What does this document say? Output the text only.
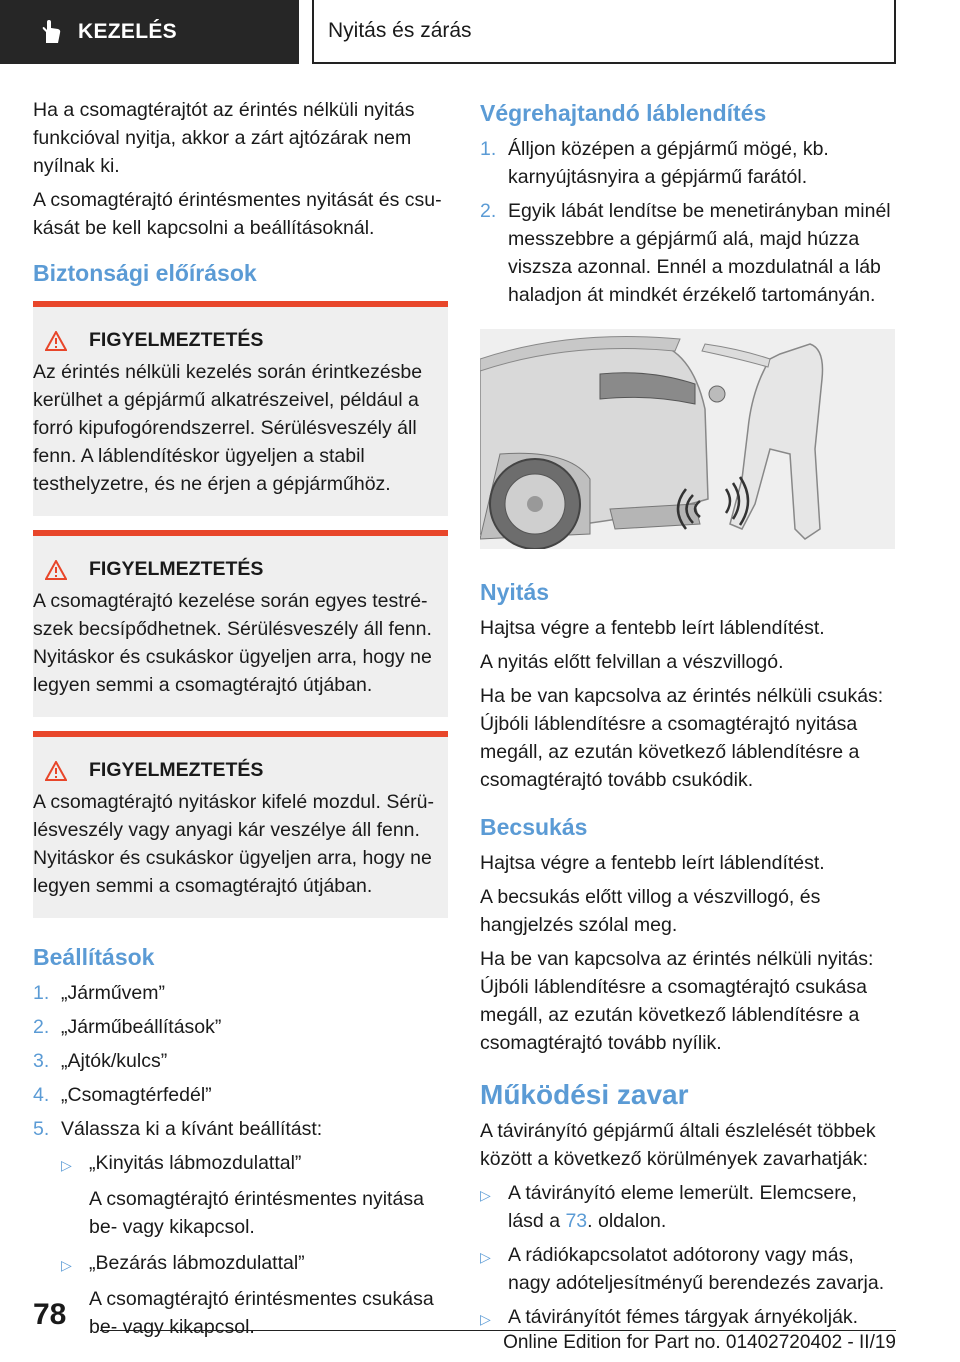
KEZELÉS	Nyitás és zárás

Ha a csomagtérajtót az érintés nélküli nyitás funkcióval nyitja, akkor a zárt ajtózárak nem nyílnak ki.

A csomagtérajtó érintésmentes nyitását és csukását be kell kapcsolni a beállításoknál.

Biztonsági előírások
FIGYELMEZTETÉS
Az érintés nélküli kezelés során érintkezésbe kerülhet a gépjármű alkatrészeivel, például a forró kipufogórendszerrel. Sérülésveszély áll fenn. A láblendítéskor ügyeljen a stabil testhelyzetre, és ne érjen a gépjárműhöz.
FIGYELMEZTETÉS
A csomagtérajtó kezelése során egyes testrészek becsípődhetnek. Sérülésveszély áll fenn. Nyitáskor és csukáskor ügyeljen arra, hogy ne legyen semmi a csomagtérajtó útjában.
FIGYELMEZTETÉS
A csomagtérajtó nyitáskor kifelé mozdul. Sérülésveszély vagy anyagi kár veszélye áll fenn. Nyitáskor és csukáskor ügyeljen arra, hogy ne legyen semmi a csomagtérajtó útjában.
Beállítások
1. „Járművem”
2. „Járműbeállítások”
3. „Ajtók/kulcs”
4. „Csomagtérfedél”
5. Válassza ki a kívánt beállítást:
▷ „Kinyitás lábmozdulattal”
A csomagtérajtó érintésmentes nyitása be- vagy kikapcsol.
▷ „Bezárás lábmozdulattal”
A csomagtérajtó érintésmentes csukása be- vagy kikapcsol.
Végrehajtandó láblendítés
1. Álljon középen a gépjármű mögé, kb. karnyújtásnyira a gépjármű farától.
2. Egyik lábát lendítse be menetirányban minél messzebbre a gépjármű alá, majd húzza viszsza azonnal. Ennél a mozdulatnál a láb haladjon át mindkét érzékelő tartományán.
Nyitás

Hajtsa végre a fentebb leírt láblendítést.

A nyitás előtt felvillan a vészvillogó.

Ha be van kapcsolva az érintés nélküli csukás: Újbóli láblendítésre a csomagtérajtó nyitása megáll, az ezután következő láblendítésre a csomagtérajtó tovább csukódik.

Becsukás

Hajtsa végre a fentebb leírt láblendítést.

A becsukás előtt villog a vészvillogó, és hangjelzés szólal meg.

Ha be van kapcsolva az érintés nélküli nyitás: Újbóli láblendítésre a csomagtérajtó csukása megáll, az ezután következő láblendítésre a csomagtérajtó tovább nyílik.

Működési zavar

A távirányító gépjármű általi észlelését többek között a következő körülmények zavarhatják:

▷ A távirányító eleme lemerült. Elemcsere, lásd a 73. oldalon.
▷ A rádiókapcsolatot adótorony vagy más, nagy adóteljesítményű berendezés zavarja.
▷ A távirányítót fémes tárgyak árnyékolják.
78
Online Edition for Part no. 01402720402 - II/19
